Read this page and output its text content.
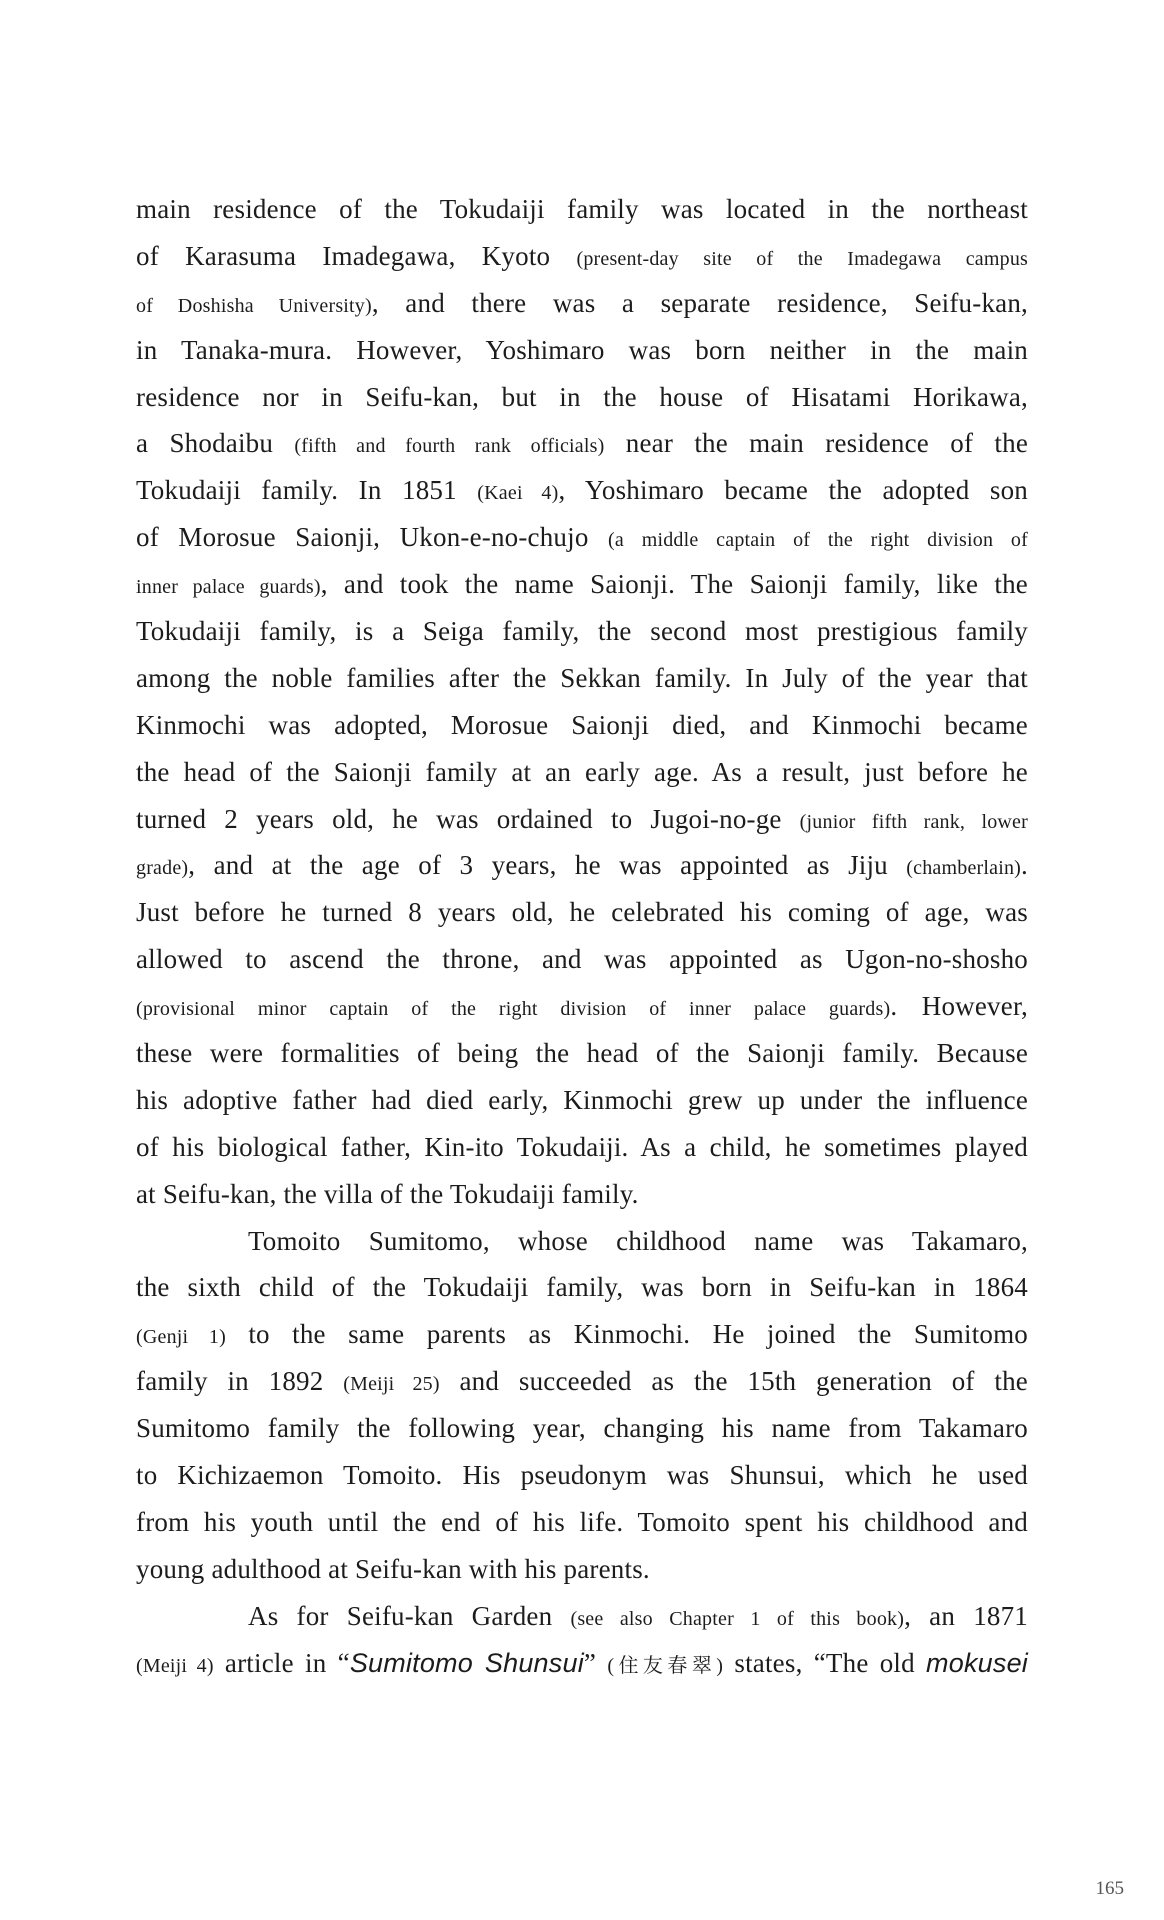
main residence of the Tokudaiji family was located in the northeast
of Karasuma Imadegawa, Kyoto (present-day site of the Imadegawa campus
of Doshisha University), and there was a separate residence, Seifu-kan,
in Tanaka-mura. However, Yoshimaro was born neither in the main
residence nor in Seifu-kan, but in the house of Hisatami Horikawa,
a Shodaibu (fifth and fourth rank officials) near the main residence of the
Tokudaiji family. In 1851 (Kaei 4), Yoshimaro became the adopted son
of Morosue Saionji, Ukon-e-no-chujo (a middle captain of the right division of
inner palace guards), and took the name Saionji. The Saionji family, like the
Tokudaiji family, is a Seiga family, the second most prestigious family
among the noble families after the Sekkan family. In July of the year that
Kinmochi was adopted, Morosue Saionji died, and Kinmochi became
the head of the Saionji family at an early age. As a result, just before he
turned 2 years old, he was ordained to Jugoi-no-ge (junior fifth rank, lower
grade), and at the age of 3 years, he was appointed as Jiju (chamberlain).
Just before he turned 8 years old, he celebrated his coming of age, was
allowed to ascend the throne, and was appointed as Ugon-no-shosho
(provisional minor captain of the right division of inner palace guards). However,
these were formalities of being the head of the Saionji family. Because
his adoptive father had died early, Kinmochi grew up under the influence
of his biological father, Kin-ito Tokudaiji. As a child, he sometimes played
at Seifu-kan, the villa of the Tokudaiji family.
Tomoito Sumitomo, whose childhood name was Takamaro,
the sixth child of the Tokudaiji family, was born in Seifu-kan in 1864
(Genji 1) to the same parents as Kinmochi. He joined the Sumitomo
family in 1892 (Meiji 25) and succeeded as the 15th generation of the
Sumitomo family the following year, changing his name from Takamaro
to Kichizaemon Tomoito. His pseudonym was Shunsui, which he used
from his youth until the end of his life. Tomoito spent his childhood and
young adulthood at Seifu-kan with his parents.
As for Seifu-kan Garden (see also Chapter 1 of this book), an 1871
(Meiji 4) article in “Sumitomo Shunsui” (住友春翠) states, “The old mokusei
165
